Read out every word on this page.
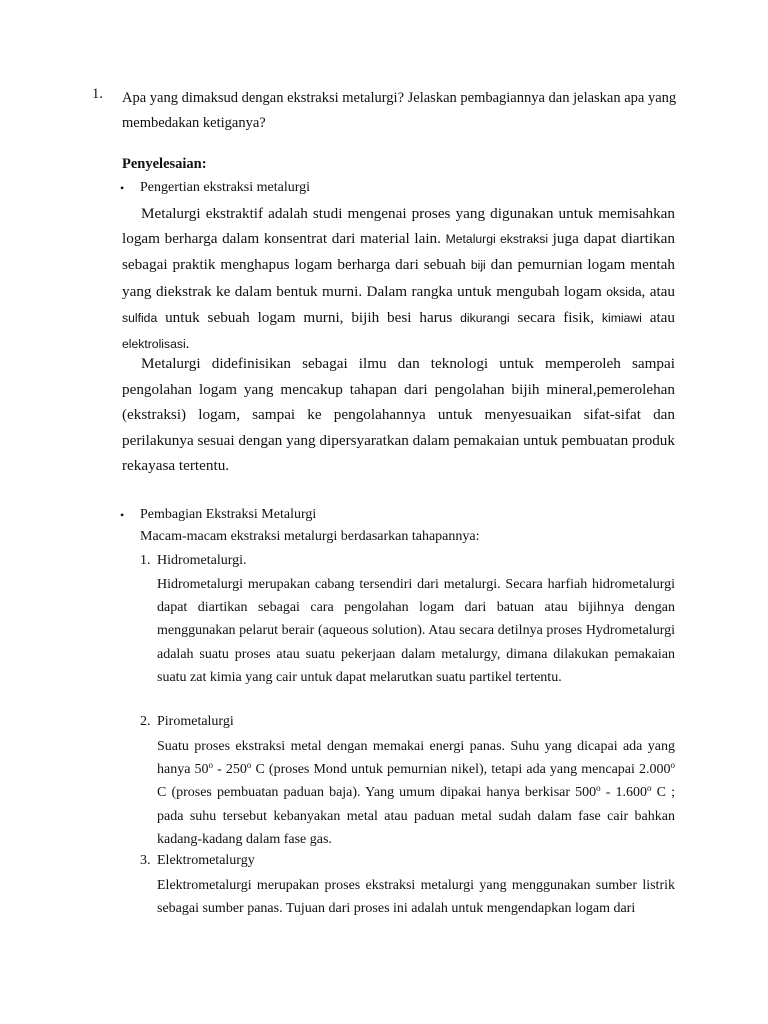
1. Apa yang dimaksud dengan ekstraksi metalurgi? Jelaskan pembagiannya dan jelaskan apa yang membedakan ketiganya?
Penyelesaian:
• Pengertian ekstraksi metalurgi
Metalurgi ekstraktif adalah studi mengenai proses yang digunakan untuk memisahkan logam berharga dalam konsentrat dari material lain. Metalurgi ekstraksi juga dapat diartikan sebagai praktik menghapus logam berharga dari sebuah biji dan pemurnian logam mentah yang diekstrak ke dalam bentuk murni. Dalam rangka untuk mengubah logam oksida, atau sulfida untuk sebuah logam murni, bijih besi harus dikurangi secara fisik, kimiawi atau elektrolisasi.
Metalurgi didefinisikan sebagai ilmu dan teknologi untuk memperoleh sampai pengolahan logam yang mencakup tahapan dari pengolahan bijih mineral,pemerolehan (ekstraksi) logam, sampai ke pengolahannya untuk menyesuaikan sifat-sifat dan perilakunya sesuai dengan yang dipersyaratkan dalam pemakaian untuk pembuatan produk rekayasa tertentu.
• Pembagian Ekstraksi Metalurgi
Macam-macam ekstraksi metalurgi berdasarkan tahapannya:
1. Hidrometalurgi.
Hidrometalurgi merupakan cabang tersendiri dari metalurgi. Secara harfiah hidrometalurgi dapat diartikan sebagai cara pengolahan logam dari batuan atau bijihnya dengan menggunakan pelarut berair (aqueous solution). Atau secara detilnya proses Hydrometalurgi adalah suatu proses atau suatu pekerjaan dalam metalurgy, dimana dilakukan pemakaian suatu zat kimia yang cair untuk dapat melarutkan suatu partikel tertentu.
2. Pirometalurgi
Suatu proses ekstraksi metal dengan memakai energi panas. Suhu yang dicapai ada yang hanya 50$^o$ - 250$^o$ C (proses Mond untuk pemurnian nikel), tetapi ada yang mencapai 2.000$^o$ C (proses pembuatan paduan baja). Yang umum dipakai hanya berkisar 500$^o$ - 1.600$^o$ C ; pada suhu tersebut kebanyakan metal atau paduan metal sudah dalam fase cair bahkan kadang-kadang dalam fase gas.
3. Elektrometalurgy
Elektrometalurgi merupakan proses ekstraksi metalurgi yang menggunakan sumber listrik sebagai sumber panas. Tujuan dari proses ini adalah untuk mengendapkan logam dari
